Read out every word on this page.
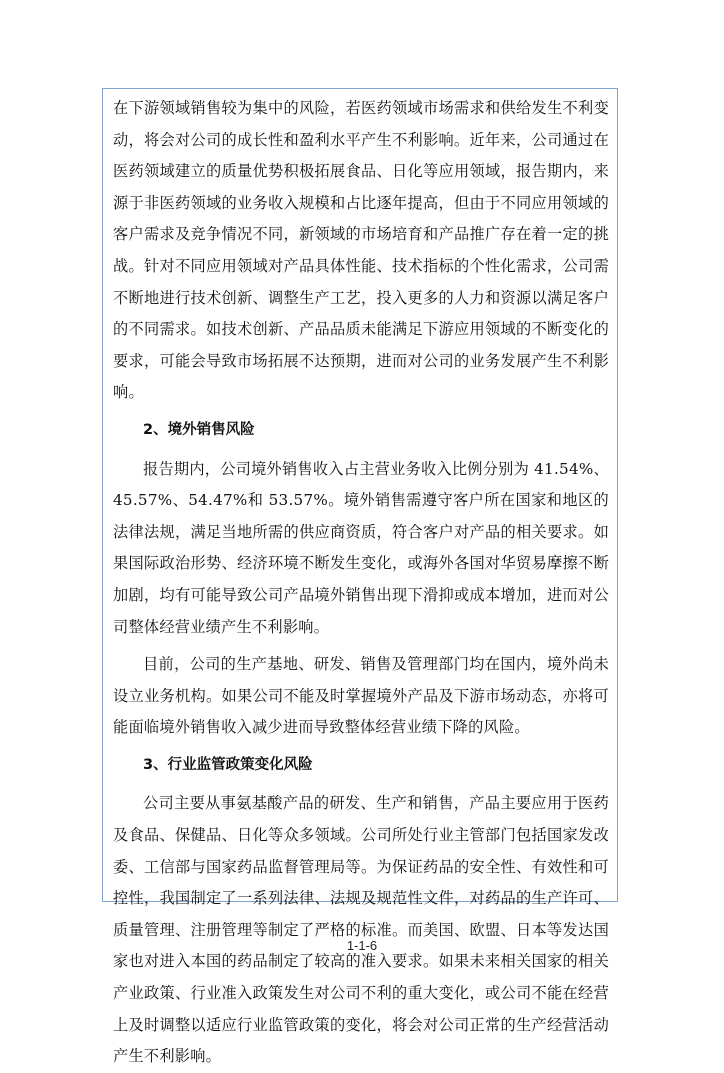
在下游领域销售较为集中的风险，若医药领域市场需求和供给发生不利变动，将会对公司的成长性和盈利水平产生不利影响。近年来，公司通过在医药领域建立的质量优势积极拓展食品、日化等应用领域，报告期内，来源于非医药领域的业务收入规模和占比逐年提高，但由于不同应用领域的客户需求及竞争情况不同，新领域的市场培育和产品推广存在着一定的挑战。针对不同应用领域对产品具体性能、技术指标的个性化需求，公司需不断地进行技术创新、调整生产工艺，投入更多的人力和资源以满足客户的不同需求。如技术创新、产品品质未能满足下游应用领域的不断变化的要求，可能会导致市场拓展不达预期，进而对公司的业务发展产生不利影响。

2、境外销售风险

报告期内，公司境外销售收入占主营业务收入比例分别为 41.54%、45.57%、54.47%和 53.57%。境外销售需遵守客户所在国家和地区的法律法规，满足当地所需的供应商资质，符合客户对产品的相关要求。如果国际政治形势、经济环境不断发生变化，或海外各国对华贸易摩擦不断加剧，均有可能导致公司产品境外销售出现下滑抑或成本增加，进而对公司整体经营业绩产生不利影响。

目前，公司的生产基地、研发、销售及管理部门均在国内，境外尚未设立业务机构。如果公司不能及时掌握境外产品及下游市场动态，亦将可能面临境外销售收入减少进而导致整体经营业绩下降的风险。

3、行业监管政策变化风险

公司主要从事氨基酸产品的研发、生产和销售，产品主要应用于医药及食品、保健品、日化等众多领域。公司所处行业主管部门包括国家发改委、工信部与国家药品监督管理局等。为保证药品的安全性、有效性和可控性，我国制定了一系列法律、法规及规范性文件，对药品的生产许可、质量管理、注册管理等制定了严格的标准。而美国、欧盟、日本等发达国家也对进入本国的药品制定了较高的准入要求。如果未来相关国家的相关产业政策、行业准入政策发生对公司不利的重大变化，或公司不能在经营上及时调整以适应行业监管政策的变化，将会对公司正常的生产经营活动产生不利影响。

1-1-6
